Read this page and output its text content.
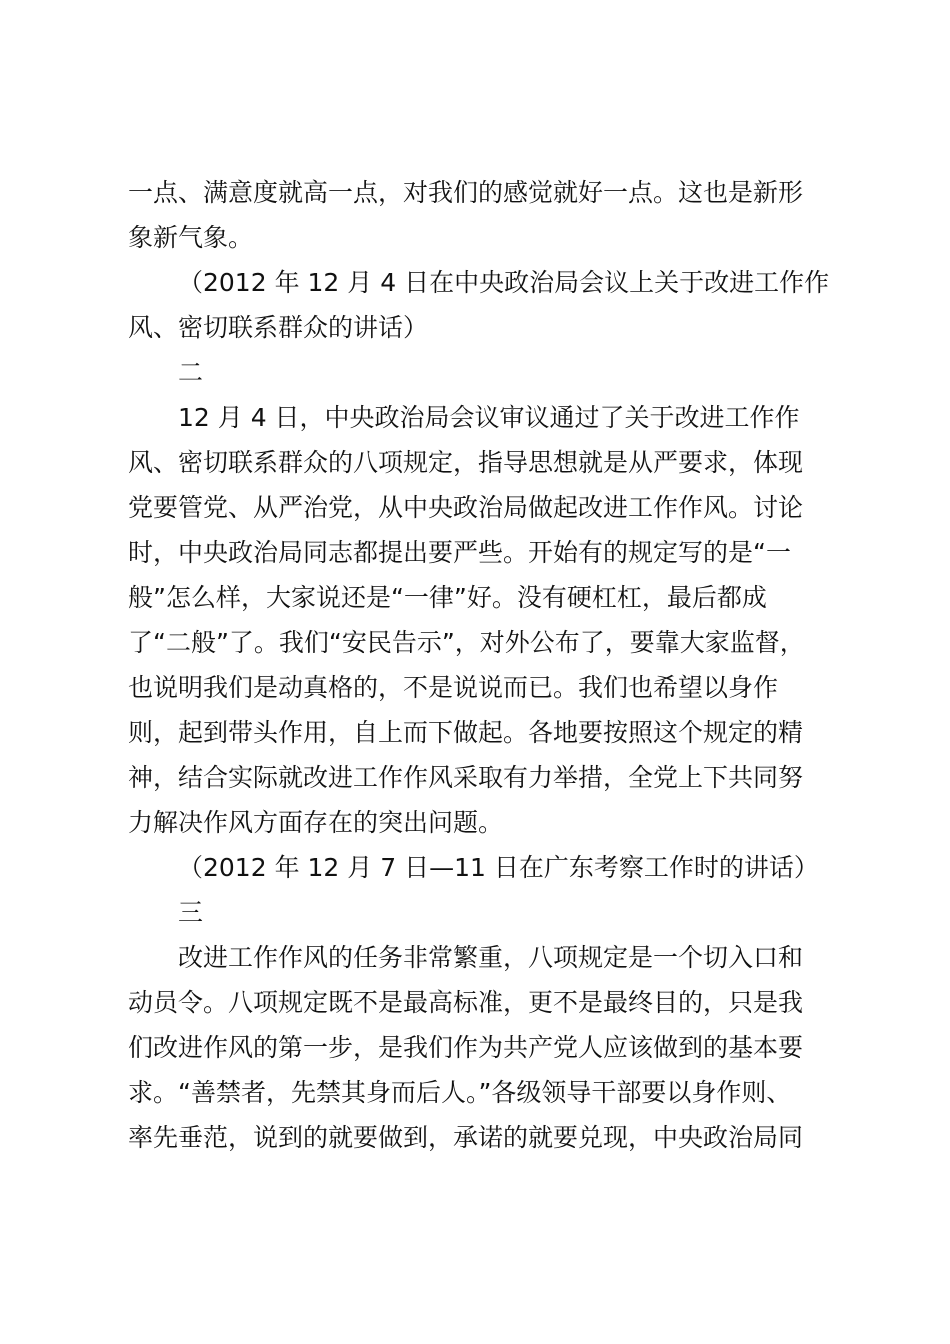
一点、满意度就高一点，对我们的感觉就好一点。这也是新形

象新气象。

（2012 年 12 月 4 日在中央政治局会议上关于改进工作作

风、密切联系群众的讲话）

二

12 月 4 日，中央政治局会议审议通过了关于改进工作作

风、密切联系群众的八项规定，指导思想就是从严要求，体现

党要管党、从严治党，从中央政治局做起改进工作作风。讨论

时，中央政治局同志都提出要严些。开始有的规定写的是“一

般”怎么样，大家说还是“一律”好。没有硬杠杠，最后都成

了“二般”了。我们“安民告示”，对外公布了，要靠大家监督，

也说明我们是动真格的，不是说说而已。我们也希望以身作

则，起到带头作用，自上而下做起。各地要按照这个规定的精

神，结合实际就改进工作作风采取有力举措，全党上下共同努

力解决作风方面存在的突出问题。

（2012 年 12 月 7 日—11 日在广东考察工作时的讲话）

三

改进工作作风的任务非常繁重，八项规定是一个切入口和

动员令。八项规定既不是最高标准，更不是最终目的，只是我

们改进作风的第一步，是我们作为共产党人应该做到的基本要

求。“善禁者，先禁其身而后人。”各级领导干部要以身作则、

率先垂范，说到的就要做到，承诺的就要兑现，中央政治局同
